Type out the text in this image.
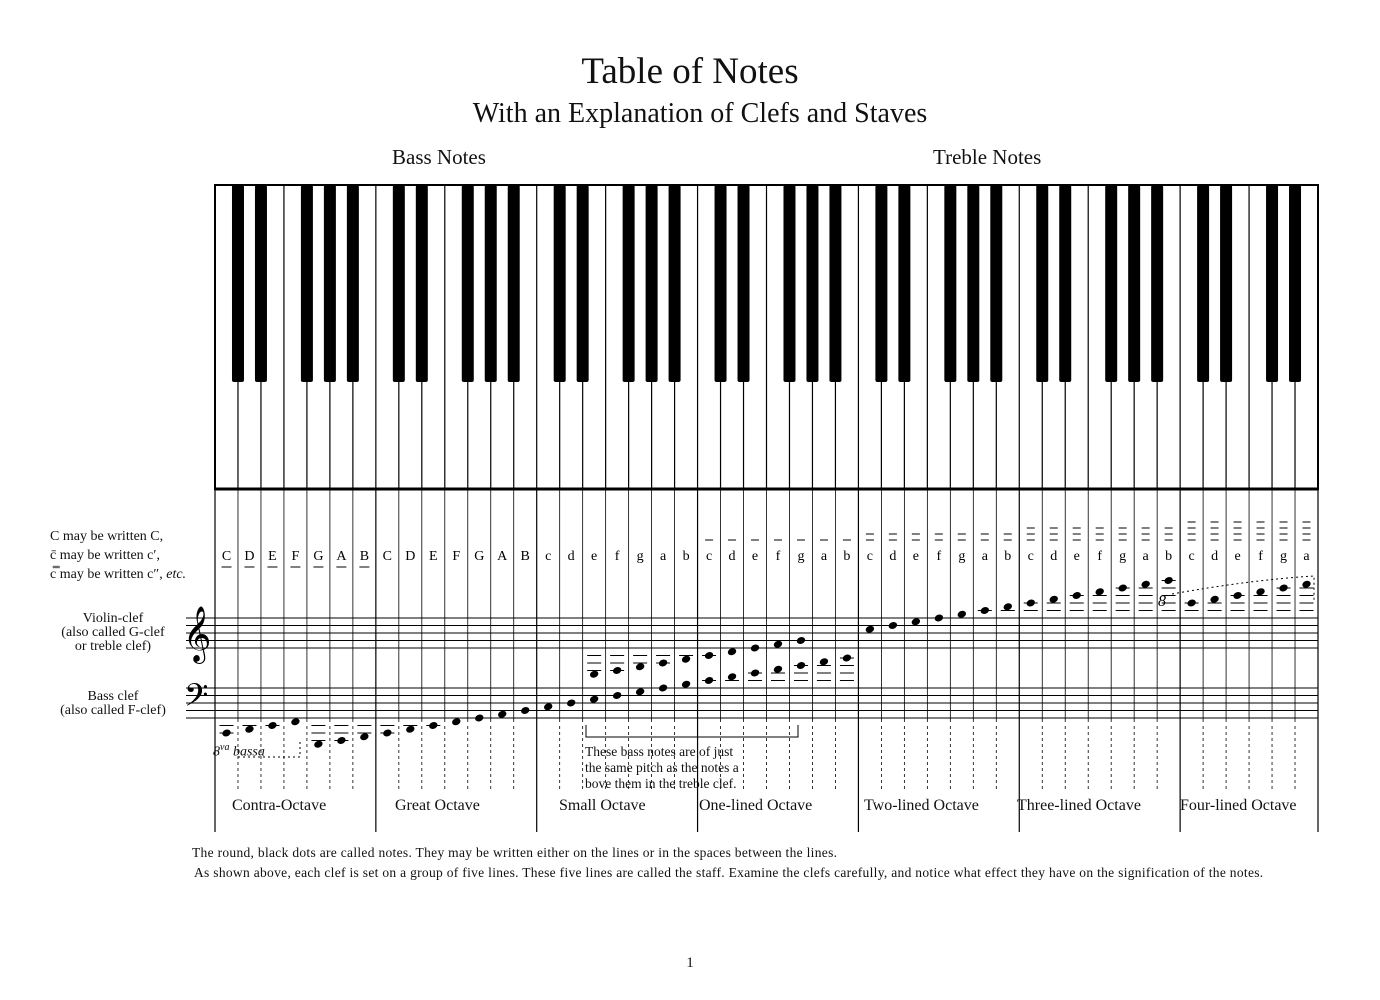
Table of Notes
With an Explanation of Clefs and Staves
Bass Notes	Treble Notes
C D E F G A B C D E F G A B c d e f g a b c d e f g a b c d e f g a b c d e f g a b c d e f g a
8
𝄞
𝄢
C may be written C,
c̄ may be written c′,
c̿ may be written c″, etc.
Violin-clef
(also called G-clef
or treble clef)
Bass clef
(also called F-clef)
$8^{va}$ bassa	These bass notes are of just
the same pitch as the notes a
bove them in the treble clef.
Contra-Octave	Great Octave	Small Octave	One-lined Octave	Two-lined Octave Three-lined Octave Four-lined Octave

The round, black dots are called notes. They may be written either on the lines or in the spaces between the lines.

As shown above, each clef is set on a group of five lines. These five lines are called the staff. Examine the clefs carefully, and notice what effect they have on the signification of the notes.

1
